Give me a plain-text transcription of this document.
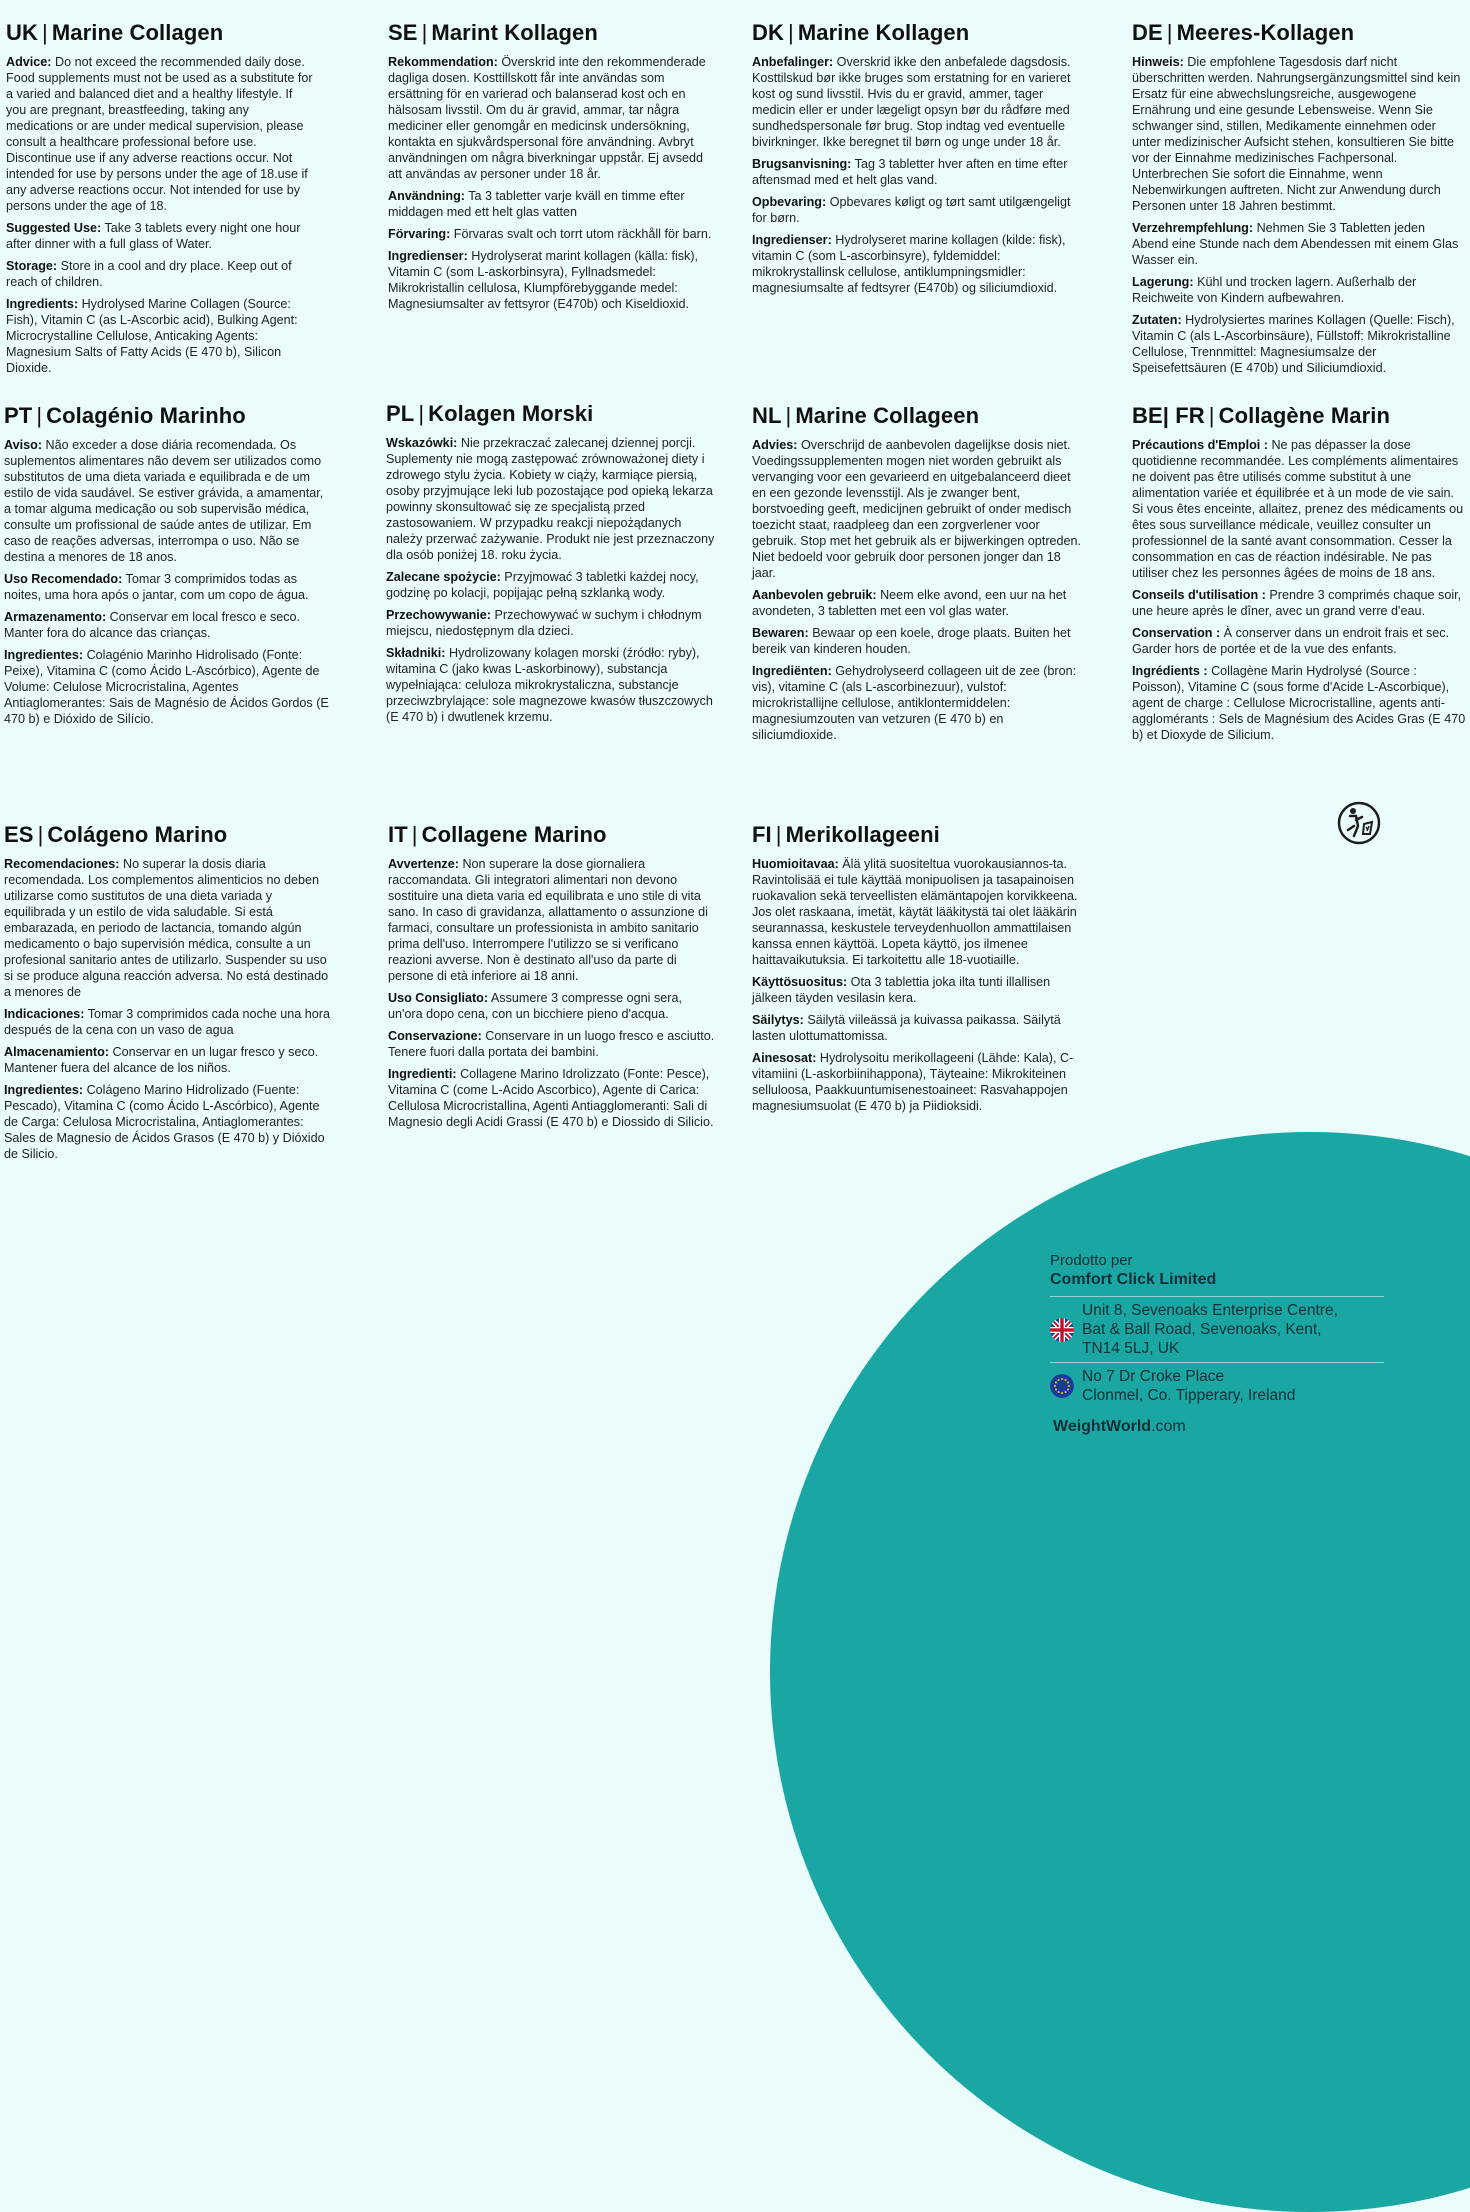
UK | Marine Collagen

Advice: Do not exceed the recommended daily dose. Food supplements must not be used as a substitute for a varied and balanced diet and a healthy lifestyle. If you are pregnant, breastfeeding, taking any medications or are under medical supervision, please consult a healthcare professional before use. Discontinue use if any adverse reactions occur. Not intended for use by persons under the age of 18.use if any adverse reactions occur. Not intended for use by persons under the age of 18.

Suggested Use: Take 3 tablets every night one hour after dinner with a full glass of Water.

Storage: Store in a cool and dry place. Keep out of reach of children.

Ingredients: Hydrolysed Marine Collagen (Source: Fish), Vitamin C (as L-Ascorbic acid), Bulking Agent: Microcrystalline Cellulose, Anticaking Agents: Magnesium Salts of Fatty Acids (E 470 b), Silicon Dioxide.

SE | Marint Kollagen

Rekommendation: Överskrid inte den rekommenderade dagliga dosen. Kosttillskott får inte användas som ersättning för en varierad och balanserad kost och en hälsosam livsstil. Om du är gravid, ammar, tar några mediciner eller genomgår en medicinsk undersökning, kontakta en sjukvårdspersonal före användning. Avbryt användningen om några biverkningar uppstår. Ej avsedd att användas av personer under 18 år.

Användning: Ta 3 tabletter varje kväll en timme efter middagen med ett helt glas vatten

Förvaring: Förvaras svalt och torrt utom räckhåll för barn.

Ingredienser: Hydrolyserat marint kollagen (källa: fisk), Vitamin C (som L-askorbinsyra), Fyllnadsmedel: Mikrokristallin cellulosa, Klumpförebyggande medel: Magnesiumsalter av fettsyror (E470b) och Kiseldioxid.

DK | Marine Kollagen

Anbefalinger: Overskrid ikke den anbefalede dagsdosis. Kosttilskud bør ikke bruges som erstatning for en varieret kost og sund livsstil. Hvis du er gravid, ammer, tager medicin eller er under lægeligt opsyn bør du rådføre med sundhedspersonale før brug. Stop indtag ved eventuelle bivirkninger. Ikke beregnet til børn og unge under 18 år.

Brugsanvisning: Tag 3 tabletter hver aften en time efter aftensmad med et helt glas vand.

Opbevaring: Opbevares køligt og tørt samt utilgængeligt for børn.

Ingredienser: Hydrolyseret marine kollagen (kilde: fisk), vitamin C (som L-ascorbinsyre), fyldemiddel: mikrokrystallinsk cellulose, antiklumpningsmidler: magnesiumsalte af fedtsyrer (E470b) og siliciumdioxid.

DE | Meeres-Kollagen

Hinweis: Die empfohlene Tagesdosis darf nicht überschritten werden. Nahrungsergänzungsmittel sind kein Ersatz für eine abwechslungsreiche, ausgewogene Ernährung und eine gesunde Lebensweise. Wenn Sie schwanger sind, stillen, Medikamente einnehmen oder unter medizinischer Aufsicht stehen, konsultieren Sie bitte vor der Einnahme medizinisches Fachpersonal. Unterbrechen Sie sofort die Einnahme, wenn Nebenwirkungen auftreten. Nicht zur Anwendung durch Personen unter 18 Jahren bestimmt.

Verzehrempfehlung: Nehmen Sie 3 Tabletten jeden Abend eine Stunde nach dem Abendessen mit einem Glas Wasser ein.

Lagerung: Kühl und trocken lagern. Außerhalb der Reichweite von Kindern aufbewahren.

Zutaten: Hydrolysiertes marines Kollagen (Quelle: Fisch), Vitamin C (als L-Ascorbinsäure), Füllstoff: Mikrokristalline Cellulose, Trennmittel: Magnesiumsalze der Speisefettsäuren (E 470b) und Siliciumdioxid.

PT | Colagénio Marinho

Aviso: Não exceder a dose diária recomendada. Os suplementos alimentares não devem ser utilizados como substitutos de uma dieta variada e equilibrada e de um estilo de vida saudável. Se estiver grávida, a amamentar, a tomar alguma medicação ou sob supervisão médica, consulte um profissional de saúde antes de utilizar. Em caso de reações adversas, interrompa o uso. Não se destina a menores de 18 anos.

Uso Recomendado: Tomar 3 comprimidos todas as noites, uma hora após o jantar, com um copo de água.

Armazenamento: Conservar em local fresco e seco. Manter fora do alcance das crianças.

Ingredientes: Colagénio Marinho Hidrolisado (Fonte: Peixe), Vitamina C (como Ácido L-Ascórbico), Agente de Volume: Celulose Microcristalina, Agentes Antiaglomerantes: Sais de Magnésio de Ácidos Gordos (E 470 b) e Dióxido de Silício.

PL | Kolagen Morski

Wskazówki: Nie przekraczać zalecanej dziennej porcji. Suplementy nie mogą zastępować zrównoważonej diety i zdrowego stylu życia. Kobiety w ciąży, karmiące piersią, osoby przyjmujące leki lub pozostające pod opieką lekarza powinny skonsultować się ze specjalistą przed zastosowaniem. W przypadku reakcji niepożądanych należy przerwać zażywanie. Produkt nie jest przeznaczony dla osób poniżej 18. roku życia.

Zalecane spożycie: Przyjmować 3 tabletki każdej nocy, godzinę po kolacji, popijając pełną szklanką wody.

Przechowywanie: Przechowywać w suchym i chłodnym miejscu, niedostępnym dla dzieci.

Składniki: Hydrolizowany kolagen morski (źródło: ryby), witamina C (jako kwas L-askorbinowy), substancja wypełniająca: celuloza mikrokrystaliczna, substancje przeciwzbrylające: sole magnezowe kwasów tłuszczowych (E 470 b) i dwutlenek krzemu.

NL | Marine Collageen

Advies: Overschrijd de aanbevolen dagelijkse dosis niet. Voedingssupplementen mogen niet worden gebruikt als vervanging voor een gevarieerd en uitgebalanceerd dieet en een gezonde levensstijl. Als je zwanger bent, borstvoeding geeft, medicijnen gebruikt of onder medisch toezicht staat, raadpleeg dan een zorgverlener voor gebruik. Stop met het gebruik als er bijwerkingen optreden. Niet bedoeld voor gebruik door personen jonger dan 18 jaar.

Aanbevolen gebruik: Neem elke avond, een uur na het avondeten, 3 tabletten met een vol glas water.

Bewaren: Bewaar op een koele, droge plaats. Buiten het bereik van kinderen houden.

Ingrediënten: Gehydrolyseerd collageen uit de zee (bron: vis), vitamine C (als L-ascorbinezuur), vulstof: microkristallijne cellulose, antiklontermiddelen: magnesiumzouten van vetzuren (E 470 b) en siliciumdioxide.

BE| FR | Collagène Marin

Précautions d'Emploi : Ne pas dépasser la dose quotidienne recommandée. Les compléments alimentaires ne doivent pas être utilisés comme substitut à une alimentation variée et équilibrée et à un mode de vie sain. Si vous êtes enceinte, allaitez, prenez des médicaments ou êtes sous surveillance médicale, veuillez consulter un professionnel de la santé avant consommation. Cesser la consommation en cas de réaction indésirable. Ne pas utiliser chez les personnes âgées de moins de 18 ans.

Conseils d'utilisation : Prendre 3 comprimés chaque soir, une heure après le dîner, avec un grand verre d'eau.

Conservation : À conserver dans un endroit frais et sec. Garder hors de portée et de la vue des enfants.

Ingrédients : Collagène Marin Hydrolysé (Source : Poisson), Vitamine C (sous forme d'Acide L-Ascorbique), agent de charge : Cellulose Microcristalline, agents anti-agglomérants : Sels de Magnésium des Acides Gras (E 470 b) et Dioxyde de Silicium.

ES | Colágeno Marino

Recomendaciones: No superar la dosis diaria recomendada. Los complementos alimenticios no deben utilizarse como sustitutos de una dieta variada y equilibrada y un estilo de vida saludable. Si está embarazada, en periodo de lactancia, tomando algún medicamento o bajo supervisión médica, consulte a un profesional sanitario antes de utilizarlo. Suspender su uso si se produce alguna reacción adversa. No está destinado a menores de

Indicaciones: Tomar 3 comprimidos cada noche una hora después de la cena con un vaso de agua

Almacenamiento: Conservar en un lugar fresco y seco. Mantener fuera del alcance de los niños.

Ingredientes: Colágeno Marino Hidrolizado (Fuente: Pescado), Vitamina C (como Ácido L-Ascórbico), Agente de Carga: Celulosa Microcristalina, Antiaglomerantes: Sales de Magnesio de Ácidos Grasos (E 470 b) y Dióxido de Silicio.

IT | Collagene Marino

Avvertenze: Non superare la dose giornaliera raccomandata. Gli integratori alimentari non devono sostituire una dieta varia ed equilibrata e uno stile di vita sano. In caso di gravidanza, allattamento o assunzione di farmaci, consultare un professionista in ambito sanitario prima dell'uso. Interrompere l'utilizzo se si verificano reazioni avverse. Non è destinato all'uso da parte di persone di età inferiore ai 18 anni.

Uso Consigliato: Assumere 3 compresse ogni sera, un'ora dopo cena, con un bicchiere pieno d'acqua.

Conservazione: Conservare in un luogo fresco e asciutto. Tenere fuori dalla portata dei bambini.

Ingredienti: Collagene Marino Idrolizzato (Fonte: Pesce), Vitamina C (come L-Acido Ascorbico), Agente di Carica: Cellulosa Microcristallina, Agenti Antiagglomeranti: Sali di Magnesio degli Acidi Grassi (E 470 b) e Diossido di Silicio.

FI | Merikollageeni

Huomioitavaa: Älä ylitä suositeltua vuorokausiannos-ta. Ravintolisää ei tule käyttää monipuolisen ja tasapainoisen ruokavalion sekä terveellisten elämäntapojen korvikkeena. Jos olet raskaana, imetät, käytät lääkitystä tai olet lääkärin seurannassa, keskustele terveydenhuollon ammattilaisen kanssa ennen käyttöä. Lopeta käyttö, jos ilmenee haittavaikutuksia. Ei tarkoitettu alle 18-vuotiaille.

Käyttösuositus: Ota 3 tablettia joka ilta tunti illallisen jälkeen täyden vesilasin kera.

Säilytys: Säilytä viileässä ja kuivassa paikassa. Säilytä lasten ulottumattomissa.

Ainesosat: Hydrolysoitu merikollageeni (Lähde: Kala), C-vitamiini (L-askorbiinihappona), Täyteaine: Mikrokiteinen selluloosa, Paakkuuntumisenestoaineet: Rasvahappojen magnesiumsuolat (E 470 b) ja Piidioksidi.

Prodotto per
Comfort Click Limited
Unit 8, Sevenoaks Enterprise Centre,
Bat & Ball Road, Sevenoaks, Kent,
TN14 5LJ, UK
No 7 Dr Croke Place
Clonmel, Co. Tipperary, Ireland
WeightWorld.com
